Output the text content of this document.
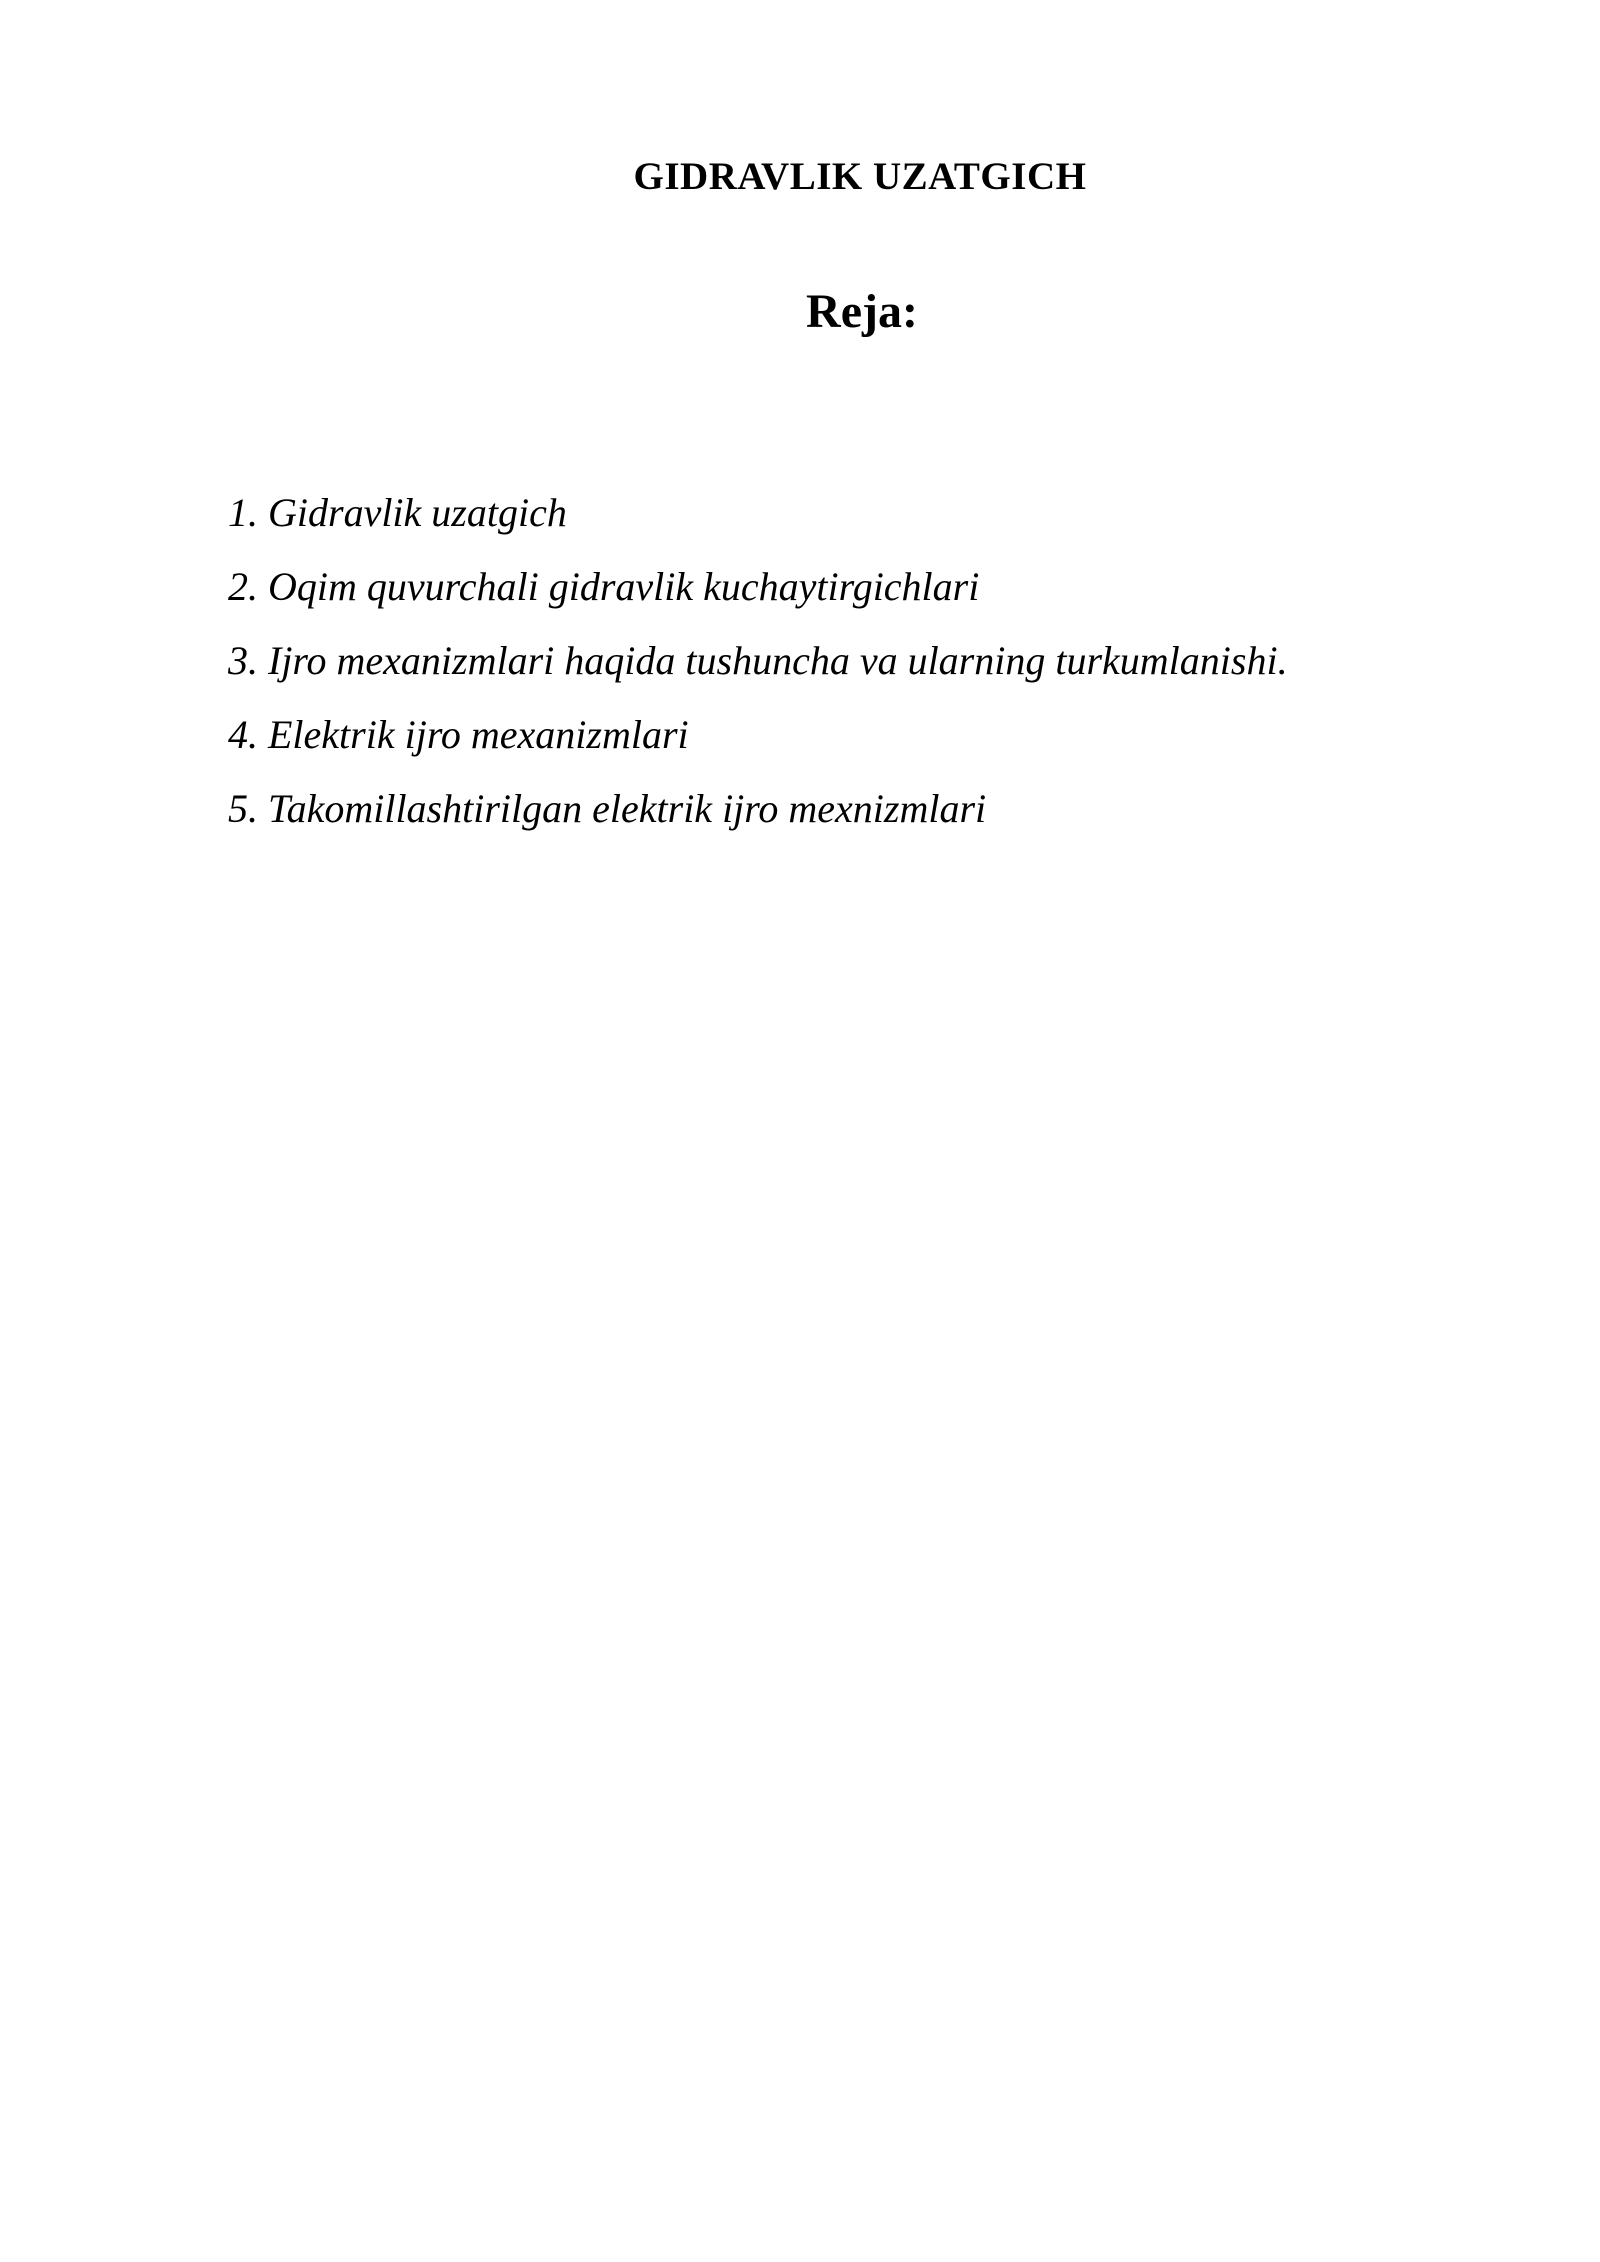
GIDRAVLIK UZATGICH
Reja:
1. Gidravlik uzatgich
2. Oqim quvurchali gidravlik kuchaytirgichlari
3. Ijro mexanizmlari haqida tushuncha va ularning turkumlanishi.
4. Elektrik ijro mexanizmlari
5. Takomillashtirilgan elektrik ijro mexnizmlari
